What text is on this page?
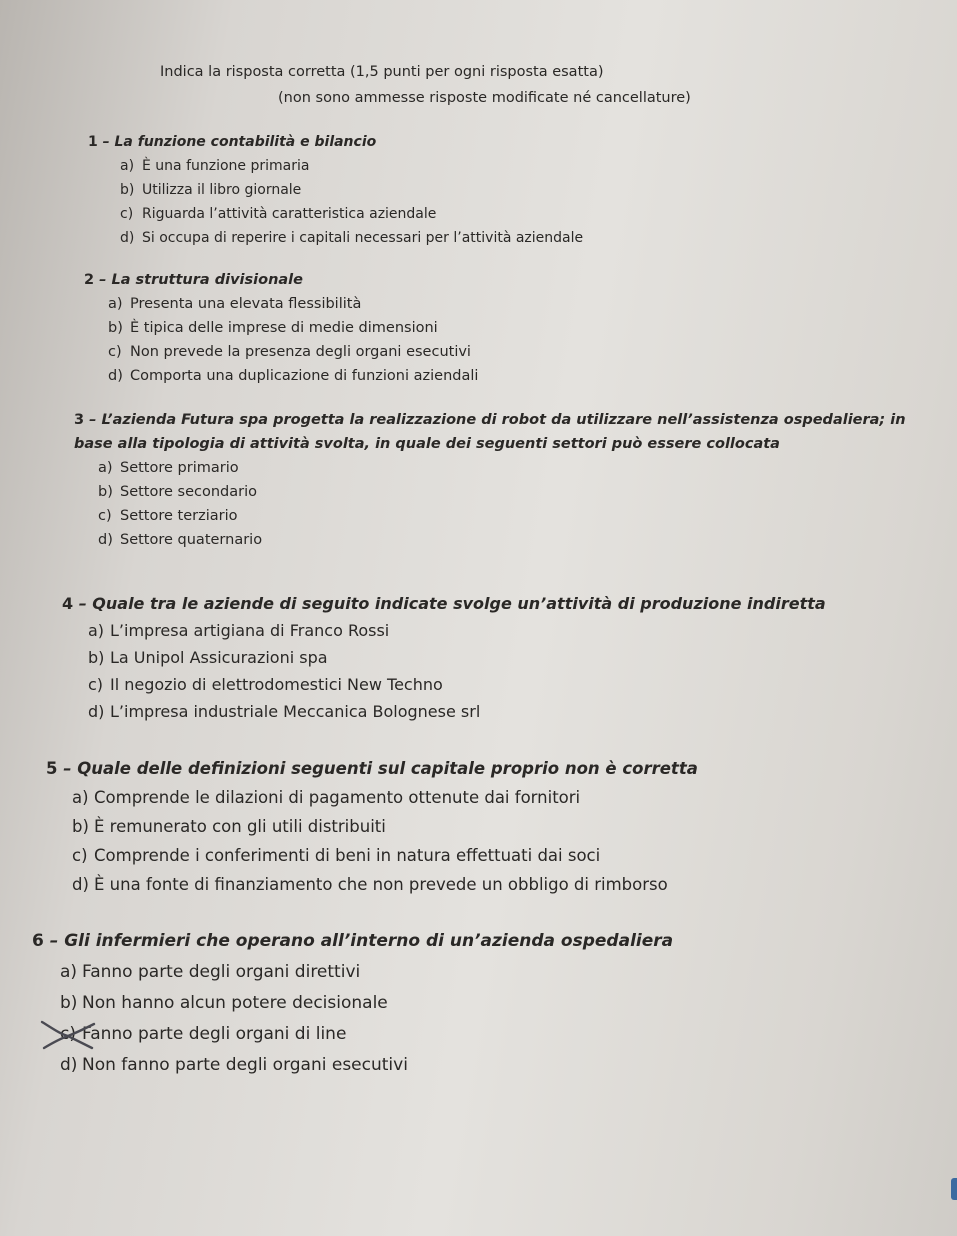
Indica la risposta corretta (1,5 punti per ogni risposta esatta)
(non sono ammesse risposte modificate né cancellature)
1 – La funzione contabilità e bilancio
a) È una funzione primaria
b) Utilizza il libro giornale
c) Riguarda l’attività caratteristica aziendale
d) Si occupa di reperire i capitali necessari per l’attività aziendale
2 – La struttura divisionale
a) Presenta una elevata flessibilità
b) È tipica delle imprese di medie dimensioni
c) Non prevede la presenza degli organi esecutivi
d) Comporta una duplicazione di funzioni aziendali
3 – L’azienda Futura spa progetta la realizzazione di robot da utilizzare nell’assistenza ospedaliera; in
base alla tipologia di attività svolta, in quale dei seguenti settori può essere collocata
a) Settore primario
b) Settore secondario
c) Settore terziario
d) Settore quaternario
4 – Quale tra le aziende di seguito indicate svolge un’attività di produzione indiretta
a) L’impresa artigiana di Franco Rossi
b) La Unipol Assicurazioni spa
c) Il negozio di elettrodomestici New Techno
d) L’impresa industriale Meccanica Bolognese srl
5 – Quale delle definizioni seguenti sul capitale proprio non è corretta
a) Comprende le dilazioni di pagamento ottenute dai fornitori
b) È remunerato con gli utili distribuiti
c) Comprende i conferimenti di beni in natura effettuati dai soci
d) È una fonte di finanziamento che non prevede un obbligo di rimborso
6 – Gli infermieri che operano all’interno di un’azienda ospedaliera
a) Fanno parte degli organi direttivi
b) Non hanno alcun potere decisionale
c) Fanno parte degli organi di line
d) Non fanno parte degli organi esecutivi
